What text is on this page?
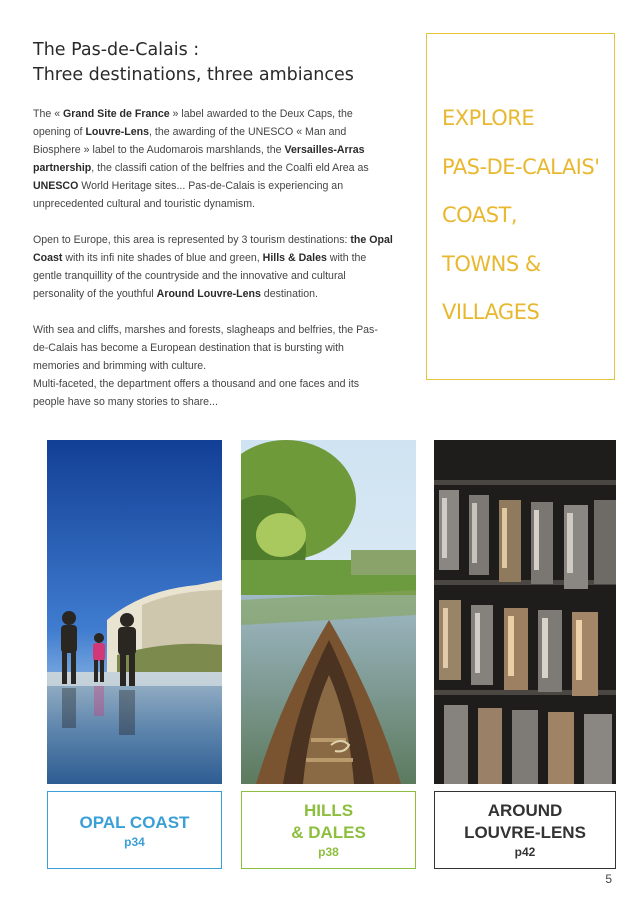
The Pas-de-Calais :
Three destinations, three ambiances

The « Grand Site de France » label awarded to the Deux Caps, the opening of Louvre-Lens, the awarding of the UNESCO « Man and Biosphere » label to the Audomarois marshlands, the Versailles-Arras partnership, the classifi cation of the belfries and the Coalfi eld Area as UNESCO World Heritage sites... Pas-de-Calais is experiencing an unprecedented cultural and touristic dynamism.

Open to Europe, this area is represented by 3 tourism destinations: the Opal Coast with its infi nite shades of blue and green, Hills & Dales with the gentle tranquillity of the countryside and the innovative and cultural personality of the youthful Around Louvre-Lens destination.

With sea and cliffs, marshes and forests, slagheaps and belfries, the Pas-de-Calais has become a European destination that is bursting with memories and brimming with culture.

Multi-faceted, the department offers a thousand and one faces and its people have so many stories to share...

EXPLORE
PAS-DE-CALAIS'
COAST,
TOWNS &
VILLAGES
OPAL COAST
p34
HILLS
& DALES
p38
AROUND
LOUVRE-LENS
p42
5
